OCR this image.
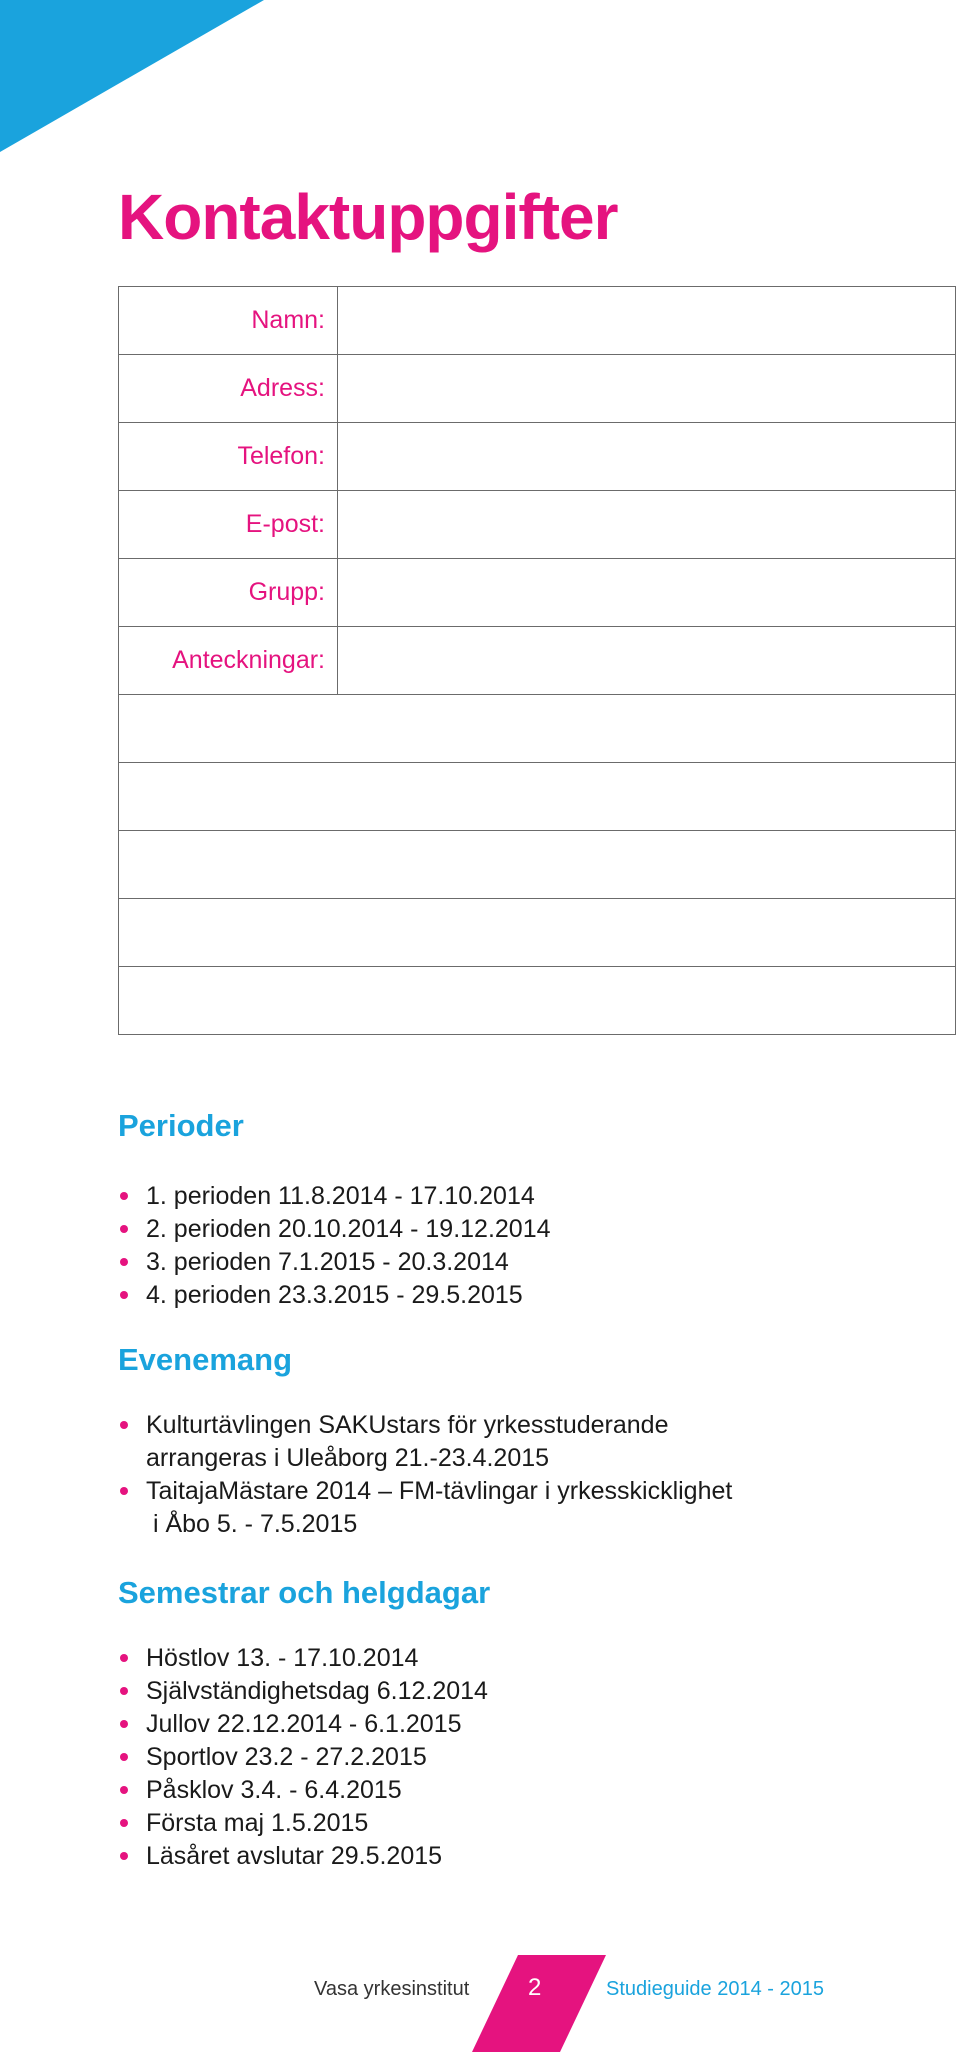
Kontaktuppgifter
Namn:	
Adress:	
Telefon:	
E-post:	
Grupp:	
Anteckningar:	

Perioder
1. perioden 11.8.2014 - 17.10.2014
2. perioden 20.10.2014 - 19.12.2014
3. perioden 7.1.2015 - 20.3.2014
4. perioden 23.3.2015 - 29.5.2015
Evenemang
Kulturtävlingen SAKUstars för yrkesstuderande
arrangeras i Uleåborg 21.-23.4.2015
TaitajaMästare 2014 – FM-tävlingar i yrkesskicklighet
i Åbo 5. - 7.5.2015
Semestrar och helgdagar
Höstlov 13. - 17.10.2014
Självständighetsdag 6.12.2014
Jullov 22.12.2014 - 6.1.2015
Sportlov 23.2 - 27.2.2015
Påsklov 3.4. - 6.4.2015
Första maj 1.5.2015
Läsåret avslutar 29.5.2015
Vasa yrkesinstitut 2	Studieguide 2014 - 2015
